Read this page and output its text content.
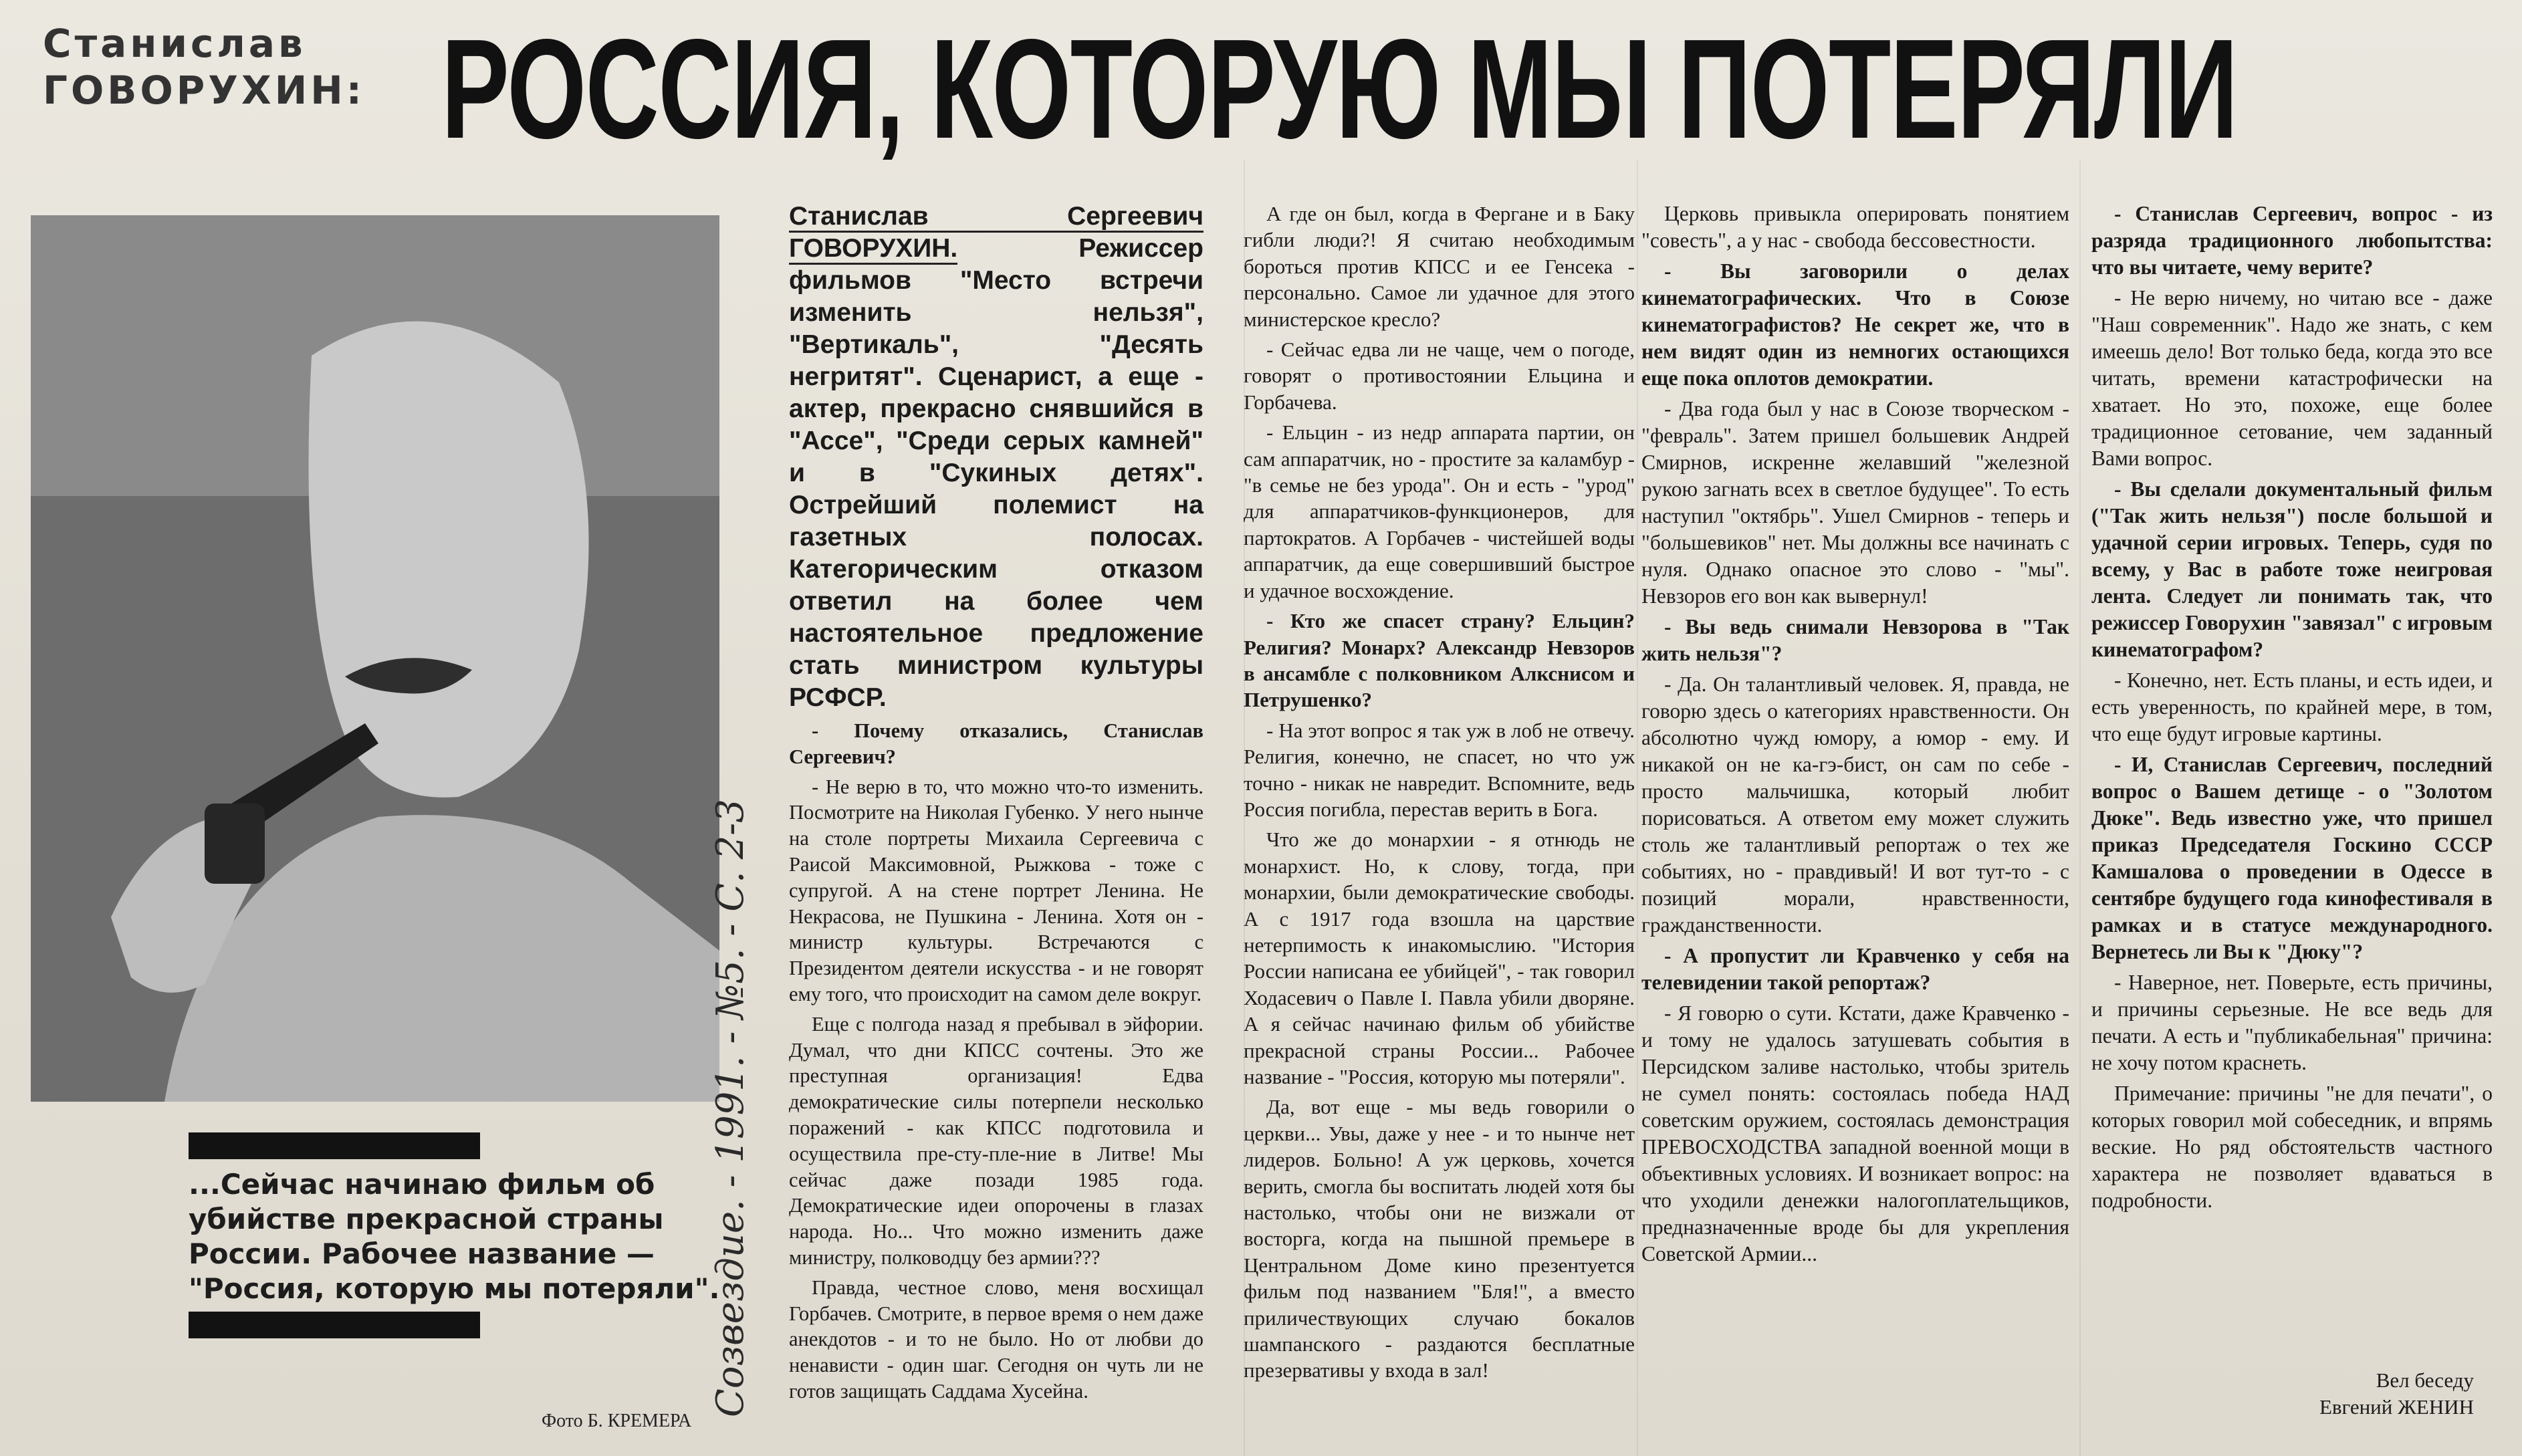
Станислав
ГОВОРУХИН: РОССИЯ, КОТОРУЮ МЫ ПОТЕРЯЛИ
...Сейчас начинаю фильм об убийстве прекрасной страны России. Рабочее название — "Россия, которую мы потеряли".
Фото Б. КРЕМЕРА
Созвездие. - 1991. - №5. - С. 2-3

Станислав Сергеевич ГОВОРУХИН.	Режиссер фильмов "Место встречи изменить нельзя", "Вертикаль", "Десять негритят". Сценарист, а еще - актер, прекрасно снявшийся в "Ассе", "Среди серых камней" и в "Сукиных детях". Острейший полемист на газетных полосах. Категорическим отказом ответил на более чем настоятельное предложение стать министром культуры РСФСР.

- Почему отказались, Станислав Сергеевич?

- Не верю в то, что можно что-то изменить. Посмотрите на Николая Губенко. У него нынче на столе портреты Михаила Сергеевича с Раисой Максимовной, Рыжкова - тоже с супругой. А на стене портрет Ленина. Не Некрасова, не Пушкина - Ленина. Хотя он - министр культуры. Встречаются с Президентом деятели искусства - и не говорят ему того, что происходит на самом деле вокруг.

Еще с полгода назад я пребывал в эйфории. Думал, что дни КПСС сочтены. Это же преступная организация! Едва демократические силы потерпели несколько поражений - как КПСС подготовила и осуществила пре-сту-пле-ние в Литве! Мы сейчас даже позади 1985 года. Демократические идеи опорочены в глазах народа. Но... Что можно изменить даже министру, полководцу без армии???

Правда, честное слово, меня восхищал Горбачев. Смотрите, в первое время о нем даже анекдотов - и то не было. Но от любви до ненависти - один шаг. Сегодня он чуть ли не готов защищать Саддама Хусейна.

А где он был, когда в Фергане и в Баку гибли люди?! Я считаю необходимым бороться против КПСС и ее Генсека - персонально. Самое ли удачное для этого министерское кресло?

- Сейчас едва ли не чаще, чем о погоде, говорят о противостоянии Ельцина и Горбачева.

- Ельцин - из недр аппарата партии, он сам аппаратчик, но - простите за каламбур - "в семье не без урода". Он и есть - "урод" для аппаратчиков-функционеров, для партократов. А Горбачев - чистейшей воды аппаратчик, да еще совершивший быстрое и удачное восхождение.

- Кто же спасет страну? Ельцин? Религия? Монарх? Александр Невзоров в ансамбле с полковником Алкснисом и Петрушенко?

- На этот вопрос я так уж в лоб не отвечу. Религия, конечно, не спасет, но что уж точно - никак не навредит. Вспомните, ведь Россия погибла, перестав верить в Бога.

Что же до монархии - я отнюдь не монархист. Но, к слову, тогда, при монархии, были демократические свободы. А с 1917 года взошла на царствие нетерпимость к инакомыслию. "История России написана ее убийцей", - так говорил Ходасевич о Павле I. Павла убили дворяне. А я сейчас начинаю фильм об убийстве прекрасной страны России... Рабочее название - "Россия, которую мы потеряли".

Да, вот еще - мы ведь говорили о церкви... Увы, даже у нее - и то нынче нет лидеров. Больно! А уж церковь, хочется верить, смогла бы воспитать людей хотя бы настолько, чтобы они не визжали от восторга, когда на пышной премьере в Центральном Доме кино презентуется фильм под названием "Бля!", а вместо приличествующих случаю бокалов шампанского - раздаются бесплатные презервативы у входа в зал!

Церковь привыкла оперировать понятием "совесть", а у нас - свобода бессовестности.

- Вы заговорили о делах кинематографических. Что в Союзе кинематографистов? Не секрет же, что в нем видят один из немногих остающихся еще пока оплотов демократии.

- Два года был у нас в Союзе творческом - "февраль". Затем пришел большевик Андрей Смирнов, искренне желавший "железной рукою загнать всех в светлое будущее". То есть наступил "октябрь". Ушел Смирнов - теперь и "большевиков" нет. Мы должны все начинать с нуля. Однако опасное это слово - "мы". Невзоров его вон как вывернул!

- Вы ведь снимали Невзорова в "Так жить нельзя"?

- Да. Он талантливый человек. Я, правда, не говорю здесь о категориях нравственности. Он абсолютно чужд юмору, а юмор - ему. И никакой он не ка-гэ-бист, он сам по себе - просто мальчишка, который любит порисоваться. А ответом ему может служить столь же талантливый репортаж о тех же событиях, но - правдивый! И вот тут-то - с позиций морали, нравственности, гражданственности.

- А пропустит ли Кравченко у себя на телевидении такой репортаж?

- Я говорю о сути. Кстати, даже Кравченко - и тому не удалось затушевать события в Персидском заливе настолько, чтобы зритель не сумел понять: состоялась победа НАД советским оружием, состоялась демонстрация ПРЕВОСХОДСТВА западной военной мощи в объективных условиях. И возникает вопрос: на что уходили денежки налогоплательщиков, предназначенные вроде бы для укрепления Советской Армии...

- Станислав Сергеевич, вопрос - из разряда традиционного любопытства: что вы читаете, чему верите?

- Не верю ничему, но читаю все - даже "Наш современник". Надо же знать, с кем имеешь дело! Вот только беда, когда это все читать, времени катастрофически на хватает. Но это, похоже, еще более традиционное сетование, чем заданный Вами вопрос.

- Вы сделали документальный фильм ("Так жить нельзя") после большой и удачной серии игровых. Теперь, судя по всему, у Вас в работе тоже неигровая лента. Следует ли понимать так, что режиссер Говорухин "завязал" с игровым кинематографом?

- Конечно, нет. Есть планы, и есть идеи, и есть уверенность, по крайней мере, в том, что еще будут игровые картины.

- И, Станислав Сергеевич, последний вопрос о Вашем детище - о "Золотом Дюке". Ведь известно уже, что пришел приказ Председателя Госкино СССР Камшалова о проведении в Одессе в сентябре будущего года кинофестиваля в рамках и в статусе международного. Вернетесь ли Вы к "Дюку"?

- Наверное, нет. Поверьте, есть причины, и причины серьезные. Не все ведь для печати. А есть и "публикабельная" причина: не хочу потом краснеть.

Примечание: причины "не для печати", о которых говорил мой собеседник, и впрямь веские. Но ряд обстоятельств частного характера не позволяет вдаваться в подробности.

Вел беседу
Евгений ЖЕНИН
